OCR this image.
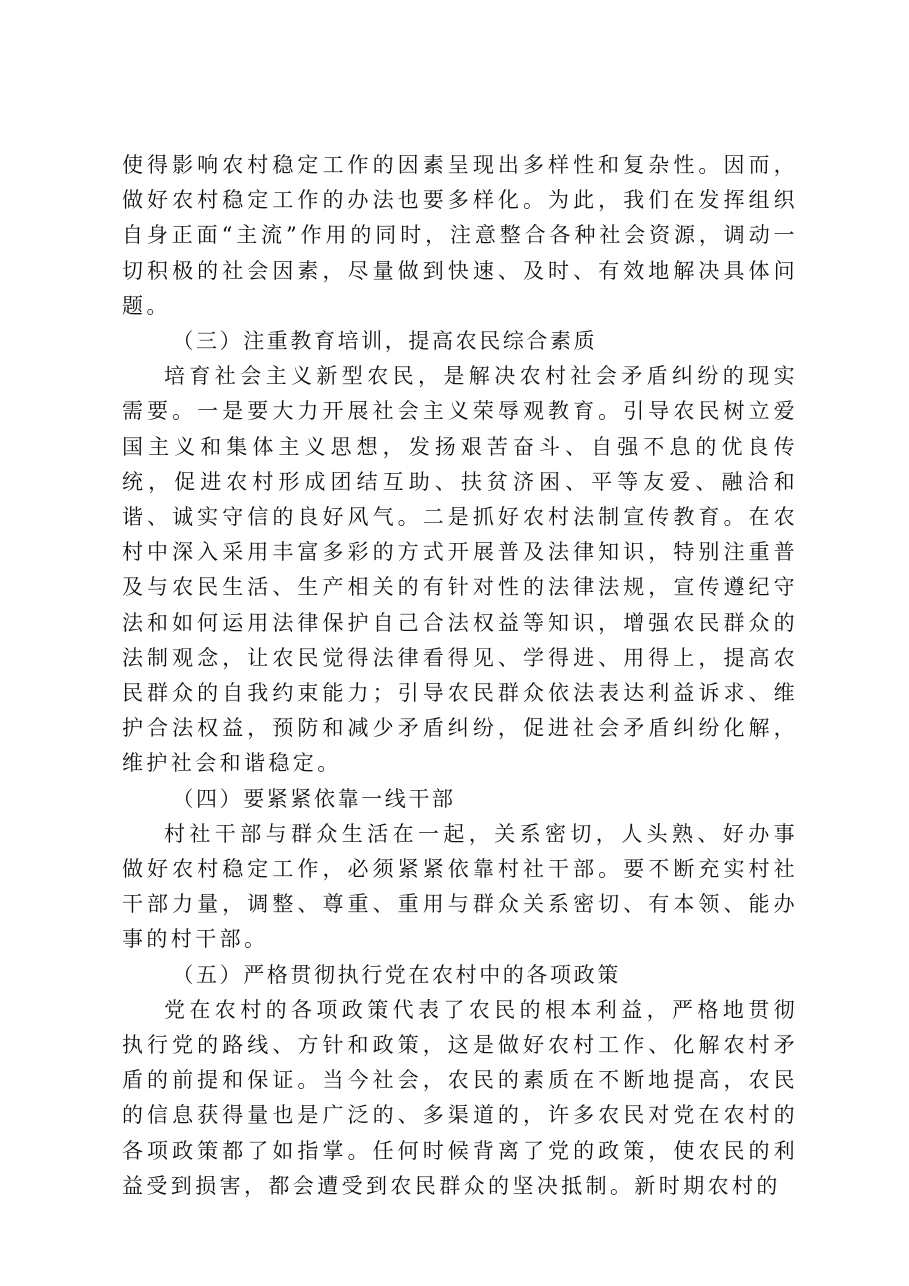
使得影响农村稳定工作的因素呈现出多样性和复杂性。因而，做好农村稳定工作的办法也要多样化。为此，我们在发挥组织自身正面“主流”作用的同时，注意整合各种社会资源，调动一切积极的社会因素，尽量做到快速、及时、有效地解决具体问题。

（三）注重教育培训，提高农民综合素质

培育社会主义新型农民，是解决农村社会矛盾纠纷的现实需要。一是要大力开展社会主义荣辱观教育。引导农民树立爱国主义和集体主义思想，发扬艰苦奋斗、自强不息的优良传统，促进农村形成团结互助、扶贫济困、平等友爱、融洽和谐、诚实守信的良好风气。二是抓好农村法制宣传教育。在农村中深入采用丰富多彩的方式开展普及法律知识，特别注重普及与农民生活、生产相关的有针对性的法律法规，宣传遵纪守法和如何运用法律保护自己合法权益等知识，增强农民群众的法制观念，让农民觉得法律看得见、学得进、用得上，提高农民群众的自我约束能力；引导农民群众依法表达利益诉求、维护合法权益，预防和减少矛盾纠纷，促进社会矛盾纠纷化解，维护社会和谐稳定。

（四）要紧紧依靠一线干部

村社干部与群众生活在一起，关系密切，人头熟、好办事做好农村稳定工作，必须紧紧依靠村社干部。要不断充实村社干部力量，调整、尊重、重用与群众关系密切、有本领、能办事的村干部。

（五）严格贯彻执行党在农村中的各项政策

党在农村的各项政策代表了农民的根本利益，严格地贯彻执行党的路线、方针和政策，这是做好农村工作、化解农村矛盾的前提和保证。当今社会，农民的素质在不断地提高，农民的信息获得量也是广泛的、多渠道的，许多农民对党在农村的各项政策都了如指掌。任何时候背离了党的政策，使农民的利益受到损害，都会遭受到农民群众的坚决抵制。新时期农村的
